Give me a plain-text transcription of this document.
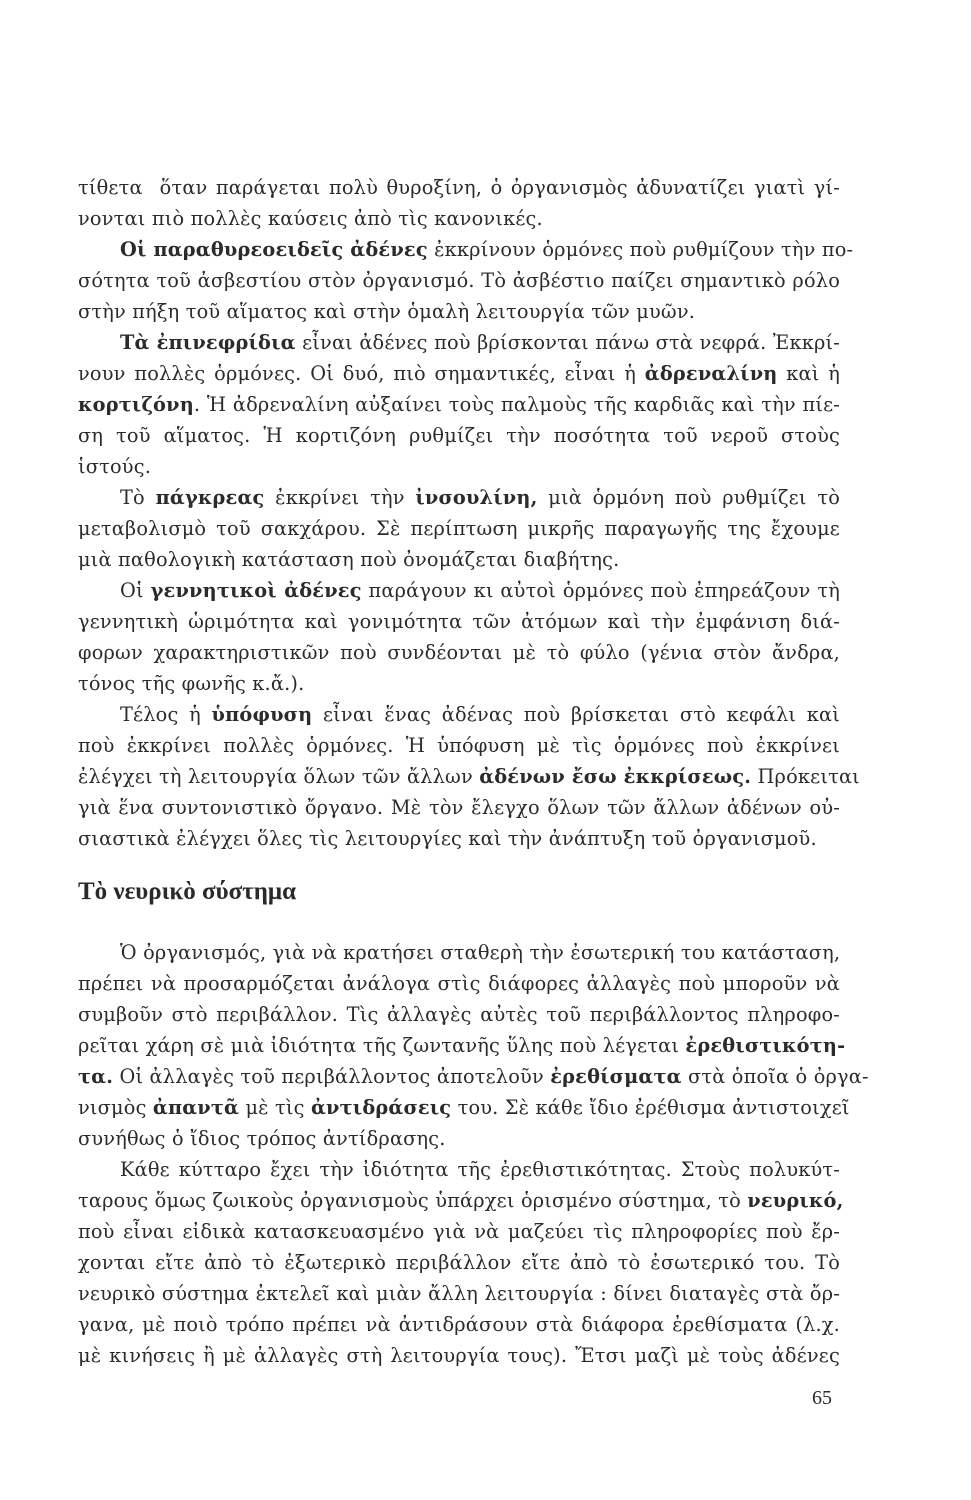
τίθετα  ὅταν παράγεται πολὺ θυροξίνη, ὁ ὀργανισμὸς ἀδυνατίζει γιατὶ γί-
νονται πιὸ πολλὲς καύσεις ἀπὸ τὶς κανονικές.
Οἱ παραθυρεοειδεῖς ἀδένες ἐκκρίνουν ὁρμόνες ποὺ ρυθμίζουν τὴν πο-
σότητα τοῦ ἀσβεστίου στὸν ὀργανισμό. Τὸ ἀσβέστιο παίζει σημαντικὸ ρόλο
στὴν πήξη τοῦ αἵματος καὶ στὴν ὁμαλὴ λειτουργία τῶν μυῶν.
Τὰ ἐπινεφρίδια εἶναι ἀδένες ποὺ βρίσκονται πάνω στὰ νεφρά. Ἐκκρί-
νουν πολλὲς ὁρμόνες. Οἱ δυό, πιὸ σημαντικές, εἶναι ἡ ἀδρεναλίνη καὶ ἡ
κορτιζόνη. Ἡ ἀδρεναλίνη αὐξαίνει τοὺς παλμοὺς τῆς καρδιᾶς καὶ τὴν πίε-
ση τοῦ αἵματος. Ἡ κορτιζόνη ρυθμίζει τὴν ποσότητα τοῦ νεροῦ στοὺς
ἱστούς.
Τὸ πάγκρεας ἐκκρίνει τὴν ἰνσουλίνη, μιὰ ὁρμόνη ποὺ ρυθμίζει τὸ
μεταβολισμὸ τοῦ σακχάρου. Σὲ περίπτωση μικρῆς παραγωγῆς της ἔχουμε
μιὰ παθολογικὴ κατάσταση ποὺ ὀνομάζεται διαβήτης.
Οἱ γεννητικοὶ ἀδένες παράγουν κι αὐτοὶ ὁρμόνες ποὺ ἐπηρεάζουν τὴ
γεννητικὴ ὡριμότητα καὶ γονιμότητα τῶν ἀτόμων καὶ τὴν ἐμφάνιση διά-
φορων χαρακτηριστικῶν ποὺ συνδέονται μὲ τὸ φύλο (γένια στὸν ἄνδρα,
τόνος τῆς φωνῆς κ.ἄ.).
Τέλος ἡ ὑπόφυση εἶναι ἕνας ἀδένας ποὺ βρίσκεται στὸ κεφάλι καὶ
ποὺ ἐκκρίνει πολλὲς ὁρμόνες. Ἡ ὑπόφυση μὲ τὶς ὁρμόνες ποὺ ἐκκρίνει
ἐλέγχει τὴ λειτουργία ὅλων τῶν ἄλλων ἀδένων ἔσω ἐκκρίσεως. Πρόκειται
γιὰ ἕνα συντονιστικὸ ὄργανο. Μὲ τὸν ἔλεγχο ὅλων τῶν ἄλλων ἀδένων οὐ-
σιαστικὰ ἐλέγχει ὅλες τὶς λειτουργίες καὶ τὴν ἀνάπτυξη τοῦ ὀργανισμοῦ.
Τὸ νευρικὸ σύστημα
Ὁ ὀργανισμός, γιὰ νὰ κρατήσει σταθερὴ τὴν ἐσωτερική του κατάσταση,
πρέπει νὰ προσαρμόζεται ἀνάλογα στὶς διάφορες ἀλλαγὲς ποὺ μποροῦν νὰ
συμβοῦν στὸ περιβάλλον. Τὶς ἀλλαγὲς αὐτὲς τοῦ περιβάλλοντος πληροφο-
ρεῖται χάρη σὲ μιὰ ἰδιότητα τῆς ζωντανῆς ὕλης ποὺ λέγεται ἐρεθιστικότη-
τα. Οἱ ἀλλαγὲς τοῦ περιβάλλοντος ἀποτελοῦν ἐρεθίσματα στὰ ὁποῖα ὁ ὀργα-
νισμὸς ἀπαντᾶ μὲ τὶς ἀντιδράσεις του. Σὲ κάθε ἴδιο ἐρέθισμα ἀντιστοιχεῖ
συνήθως ὁ ἴδιος τρόπος ἀντίδρασης.
Κάθε κύτταρο ἔχει τὴν ἰδιότητα τῆς ἐρεθιστικότητας. Στοὺς πολυκύτ-
ταρους ὅμως ζωικοὺς ὀργανισμοὺς ὑπάρχει ὁρισμένο σύστημα, τὸ νευρικό,
ποὺ εἶναι εἰδικὰ κατασκευασμένο γιὰ νὰ μαζεύει τὶς πληροφορίες ποὺ ἔρ-
χονται εἴτε ἀπὸ τὸ ἐξωτερικὸ περιβάλλον εἴτε ἀπὸ τὸ ἐσωτερικό του. Τὸ
νευρικὸ σύστημα ἐκτελεῖ καὶ μιὰν ἄλλη λειτουργία : δίνει διαταγὲς στὰ ὄρ-
γανα, μὲ ποιὸ τρόπο πρέπει νὰ ἀντιδράσουν στὰ διάφορα ἐρεθίσματα (λ.χ.
μὲ κινήσεις ἢ μὲ ἀλλαγὲς στὴ λειτουργία τους). Ἔτσι μαζὶ μὲ τοὺς ἀδένες
65
